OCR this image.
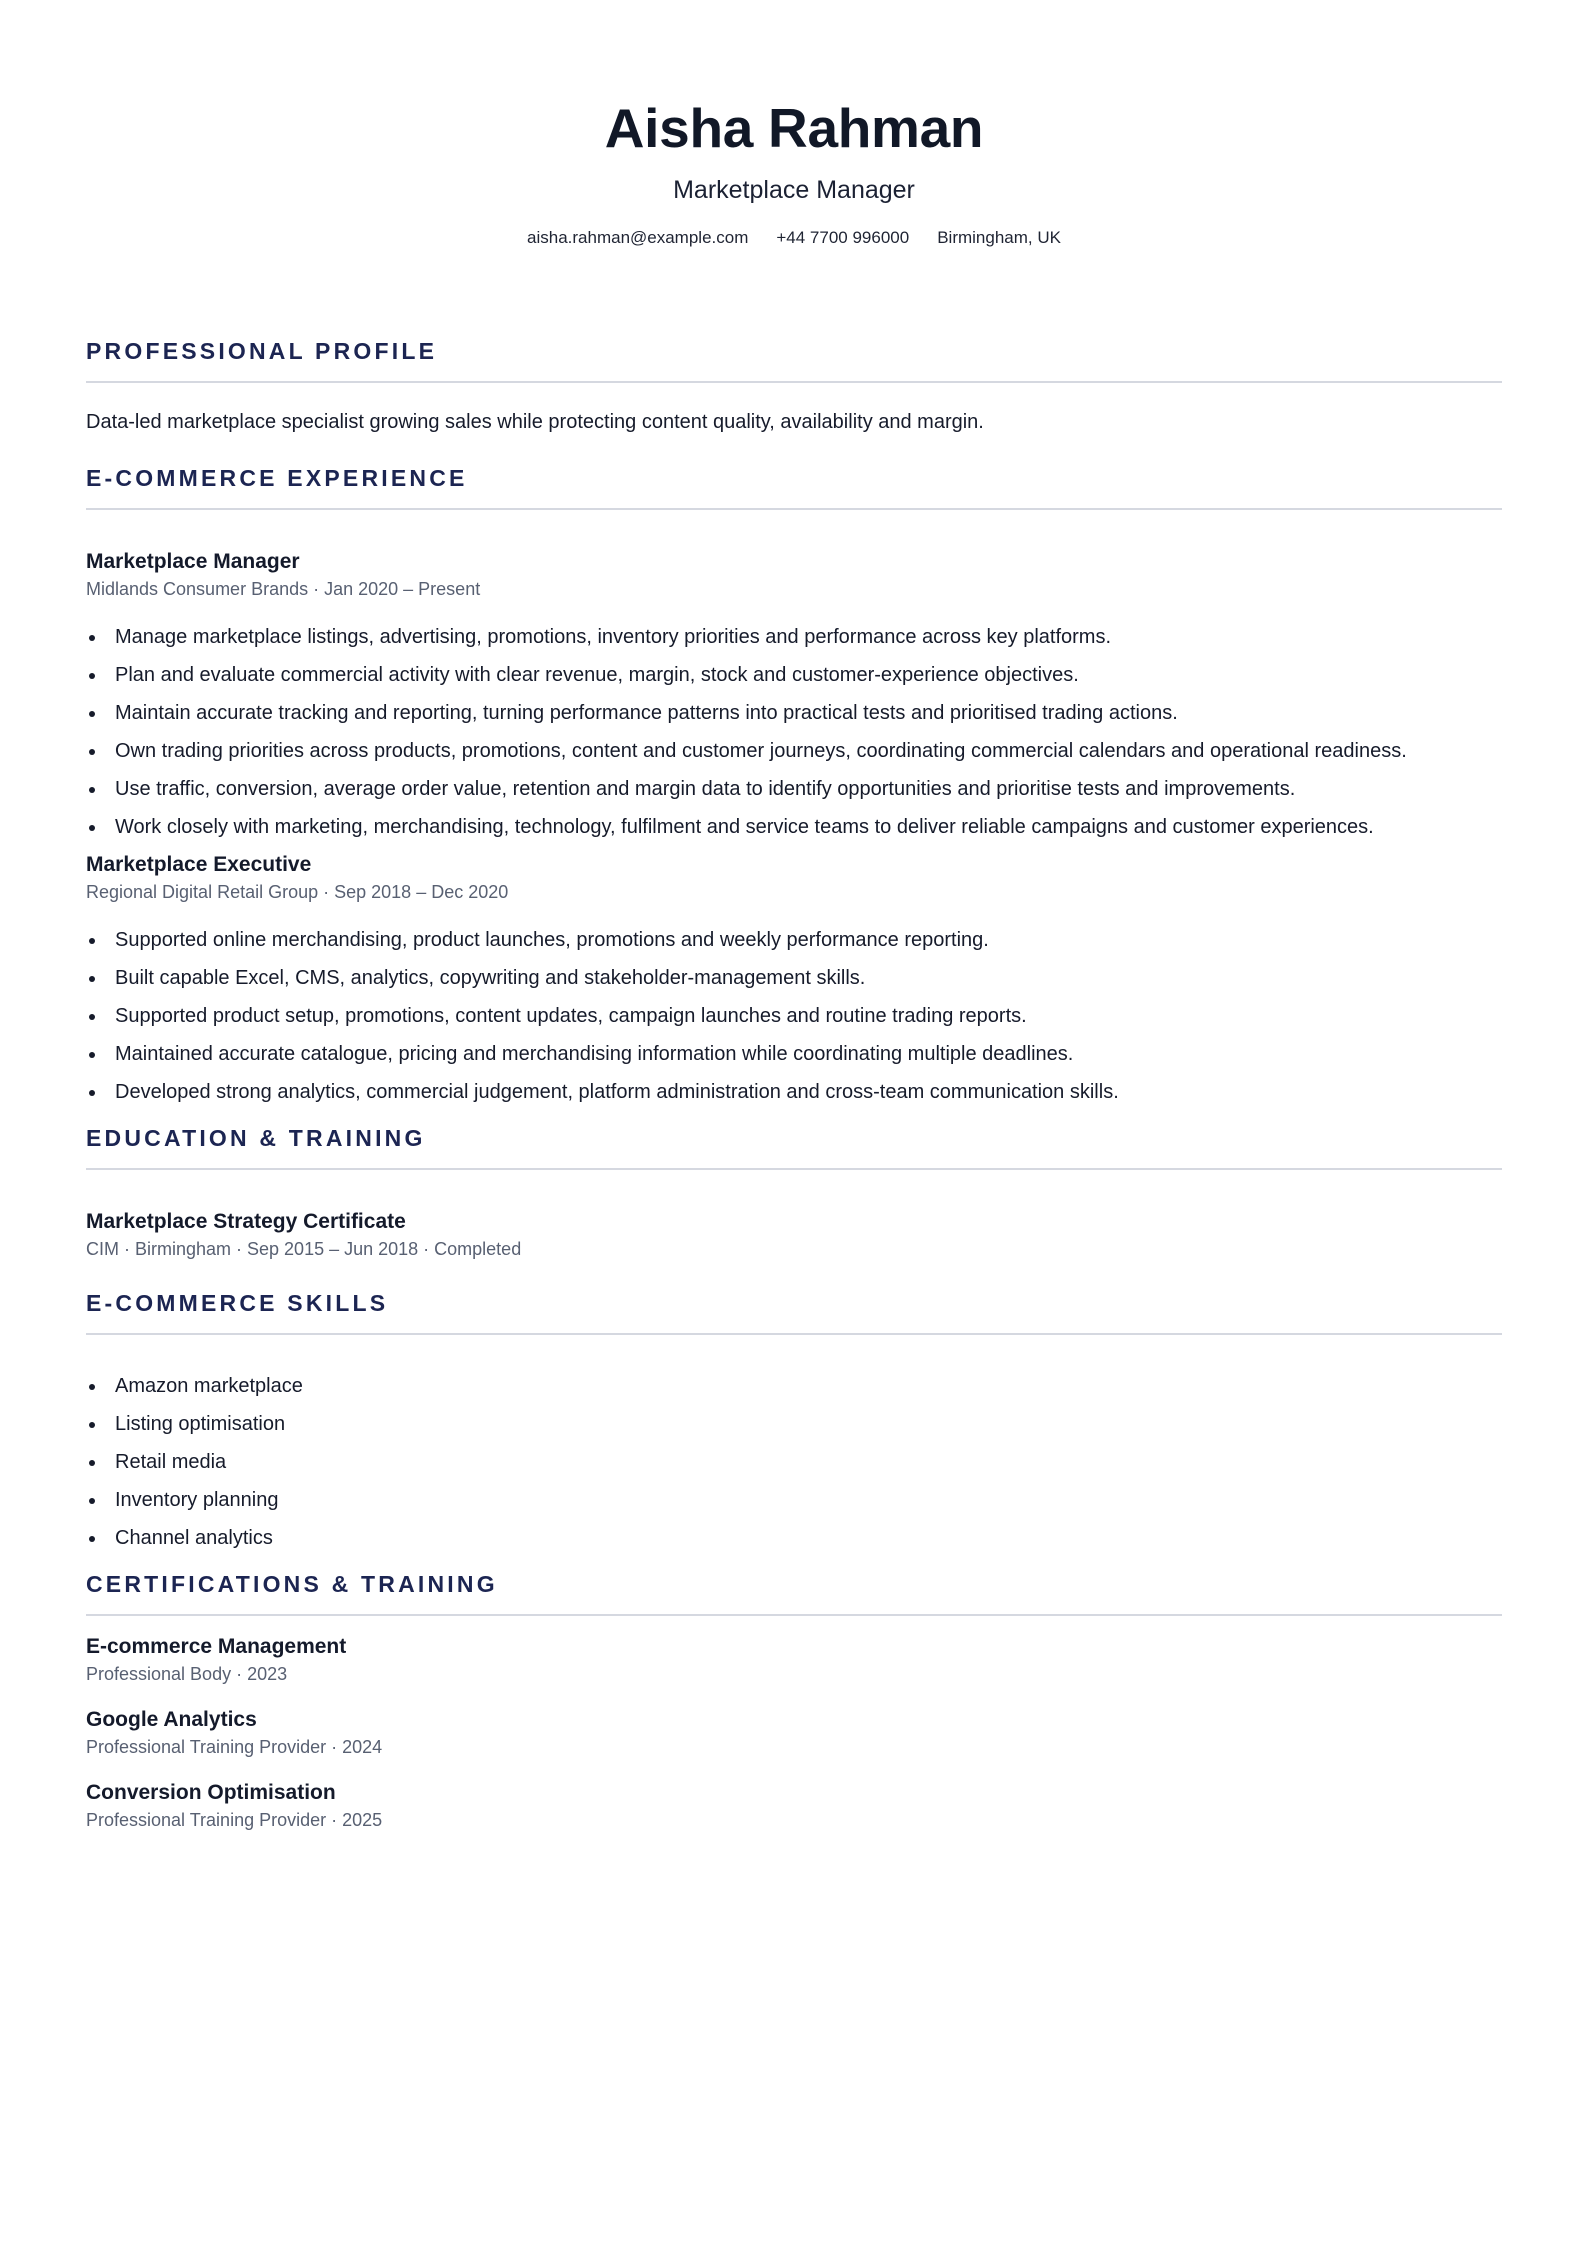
Aisha Rahman
Marketplace Manager
aisha.rahman@example.com +44 7700 996000 Birmingham, UK
PROFESSIONAL PROFILE

Data-led marketplace specialist growing sales while protecting content quality, availability and margin.

E-COMMERCE EXPERIENCE
Marketplace Manager
Midlands Consumer Brands · Jan 2020 – Present
Manage marketplace listings, advertising, promotions, inventory priorities and performance across key platforms.
Plan and evaluate commercial activity with clear revenue, margin, stock and customer-experience objectives.
Maintain accurate tracking and reporting, turning performance patterns into practical tests and prioritised trading actions.
Own trading priorities across products, promotions, content and customer journeys, coordinating commercial calendars and operational readiness.
Use traffic, conversion, average order value, retention and margin data to identify opportunities and prioritise tests and improvements.
Work closely with marketing, merchandising, technology, fulfilment and service teams to deliver reliable campaigns and customer experiences.
Marketplace Executive
Regional Digital Retail Group · Sep 2018 – Dec 2020
Supported online merchandising, product launches, promotions and weekly performance reporting.
Built capable Excel, CMS, analytics, copywriting and stakeholder-management skills.
Supported product setup, promotions, content updates, campaign launches and routine trading reports.
Maintained accurate catalogue, pricing and merchandising information while coordinating multiple deadlines.
Developed strong analytics, commercial judgement, platform administration and cross-team communication skills.
EDUCATION & TRAINING
Marketplace Strategy Certificate
CIM · Birmingham · Sep 2015 – Jun 2018 · Completed
E-COMMERCE SKILLS
Amazon marketplace
Listing optimisation
Retail media
Inventory planning
Channel analytics
CERTIFICATIONS & TRAINING
E-commerce Management
Professional Body · 2023
Google Analytics
Professional Training Provider · 2024
Conversion Optimisation
Professional Training Provider · 2025
